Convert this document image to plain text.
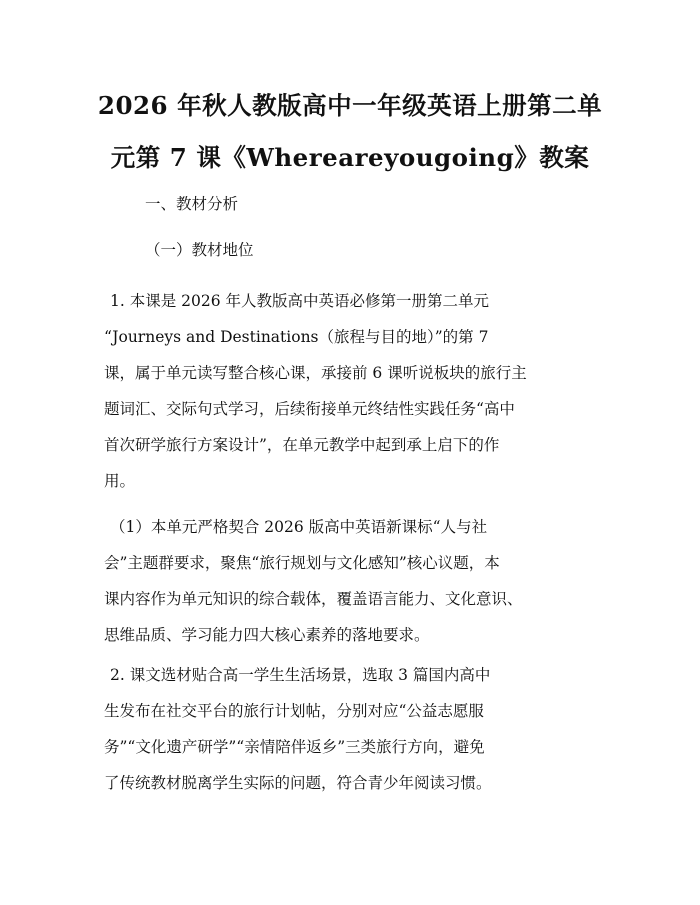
2026 年秋人教版高中一年级英语上册第二单
元第 7 课《Whereareyougoing》教案
一、教材分析
（一）教材地位
1. 本课是 2026 年人教版高中英语必修第一册第二单元
“Journeys and Destinations（旅程与目的地）”的第 7
课，属于单元读写整合核心课，承接前 6 课听说板块的旅行主
题词汇、交际句式学习，后续衔接单元终结性实践任务“高中
首次研学旅行方案设计”，在单元教学中起到承上启下的作
用。
（1）本单元严格契合 2026 版高中英语新课标“人与社
会”主题群要求，聚焦“旅行规划与文化感知”核心议题，本
课内容作为单元知识的综合载体，覆盖语言能力、文化意识、
思维品质、学习能力四大核心素养的落地要求。
2. 课文选材贴合高一学生生活场景，选取 3 篇国内高中
生发布在社交平台的旅行计划帖，分别对应“公益志愿服
务”“文化遗产研学”“亲情陪伴返乡”三类旅行方向，避免
了传统教材脱离学生实际的问题，符合青少年阅读习惯。
